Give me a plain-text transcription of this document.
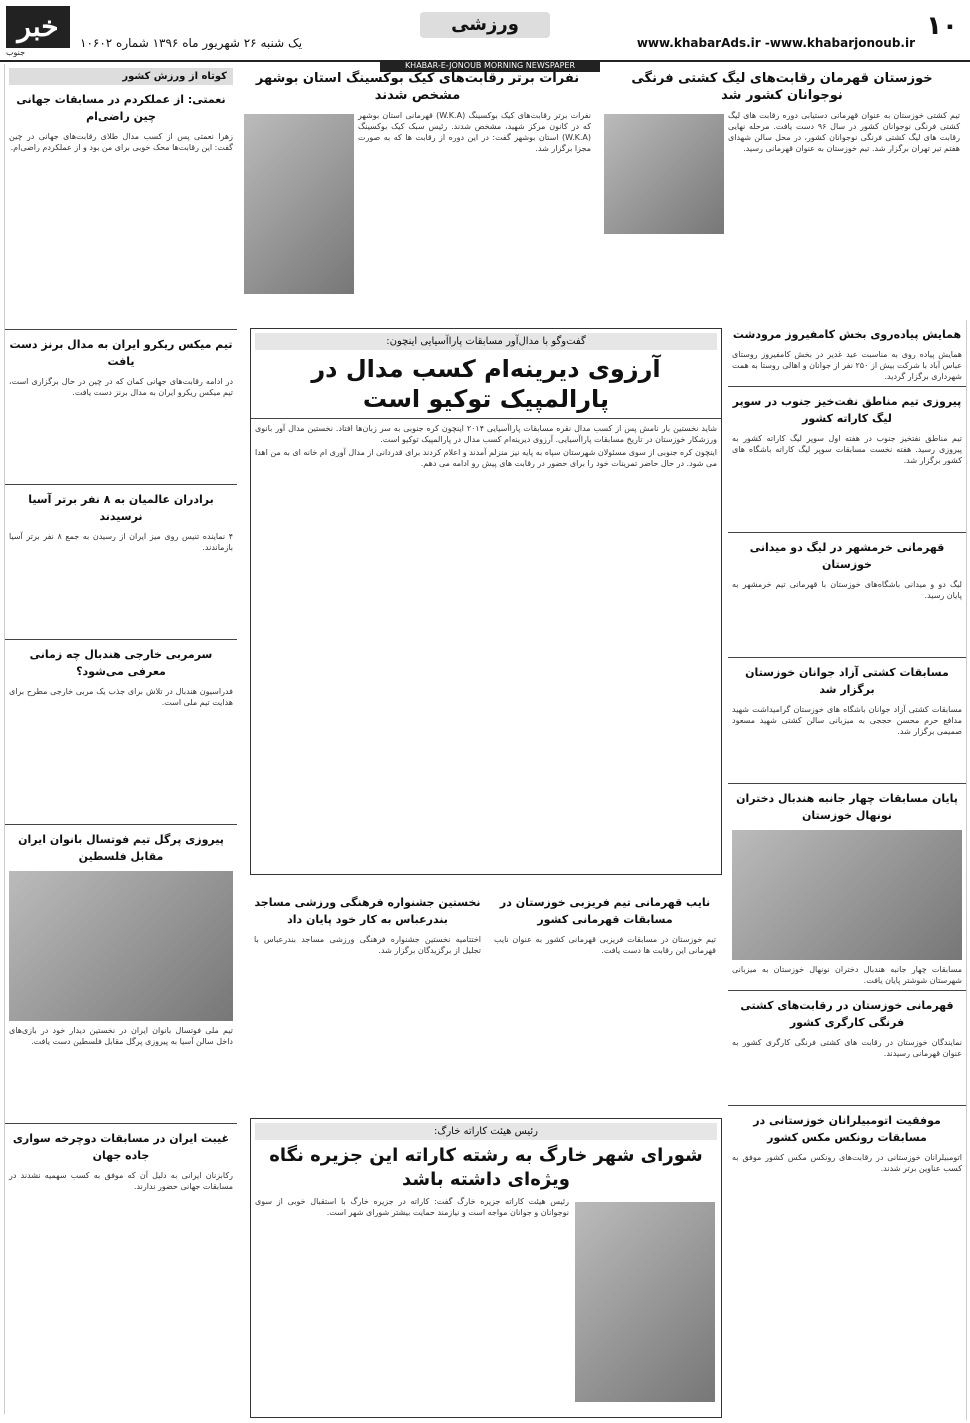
خبر
جنوب
یک شنبه ۲۶ شهریور ماه ۱۳۹۶ شماره ۱۰۶۰۲
ورزشی
www.khabarAds.ir -www.khabarjonoub.ir
۱۰
KHABAR-E-JONOUB MORNING NEWSPAPER
خوزستان قهرمان رقابت‌های لیگ کشتی فرنگی نوجوانان کشور شد

تیم کشتی خوزستان به عنوان قهرمانی دستیابی دوره رقابت های لیگ کشتی فرنگی نوجوانان کشور در سال ۹۶ دست یافت. مرحله نهایی رقابت های لیگ کشتی فرنگی نوجوانان کشور، در محل سالن شهدای هفتم تیر تهران برگزار شد. تیم خوزستان به عنوان قهرمانی رسید.

نفرات برتر رقابت‌های کیک بوکسینگ استان بوشهر مشخص شدند

نفرات برتر رقابت‌های کیک بوکسینگ (W.K.A) قهرمانی استان بوشهر که در کانون مرکز شهید، مشخص شدند. رئیس سبک کیک بوکسینگ (W.K.A) استان بوشهر گفت: در این دوره از رقابت ها که به صورت مجزا برگزار شد.

کوتاه از ورزش کشور
نعمتی: از عملکردم در مسابقات جهانی چین راضی‌ام

زهرا نعمتی پس از کسب مدال طلای رقابت‌های جهانی در چین گفت: این رقابت‌ها محک خوبی برای من بود و از عملکردم راضی‌ام.

تیم میکس ریکرو ایران به مدال برنز دست یافت

در ادامه رقابت‌های جهانی کمان که در چین در حال برگزاری است، تیم میکس ریکرو ایران به مدال برنز دست یافت.

برادران عالمیان به ۸ نفر برتر آسیا نرسیدند

۴ نماینده تنیس روی میز ایران از رسیدن به جمع ۸ نفر برتر آسیا بازماندند.

سرمربی خارجی هندبال چه زمانی معرفی می‌شود؟

فدراسیون هندبال در تلاش برای جذب یک مربی خارجی مطرح برای هدایت تیم ملی است.

پیروزی پرگل تیم فوتسال بانوان ایران مقابل فلسطین

تیم ملی فوتسال بانوان ایران در نخستین دیدار خود در بازی‌های داخل سالن آسیا به پیروزی پرگل مقابل فلسطین دست یافت.

غیبت ایران در مسابقات دوچرخه سواری جاده جهان

رکابزنان ایرانی به دلیل آن که موفق به کسب سهمیه نشدند در مسابقات جهانی حضور ندارند.

گفت‌وگو با مدال‌آور مسابقات پاراآسیایی اینچون:
آرزوی دیرینه‌ام کسب مدال در پارالمپیک توکیو است

شاید نخستین بار نامش پس از کسب مدال نقره مسابقات پاراآسیایی ۲۰۱۴ اینچون کره جنوبی به سر زبان‌ها افتاد. نخستین مدال آور بانوی ورزشکار خوزستان در تاریخ مسابقات پاراآسیایی. آرزوی دیرینه‌ام کسب مدال در پارالمپیک توکیو است.

اینچون کره جنوبی از سوی مسئولان شهرستان سپاه به پایه نیز منزلم آمدند و اعلام کردند برای قدردانی از مدال آوری ام خانه ای به من اهدا می شود. در حال حاضر تمرینات خود را برای حضور در رقابت های پیش رو ادامه می دهم.

همایش پیاده‌روی بخش کامفیروز مرودشت

همایش پیاده روی به مناسبت عید غدیر در بخش کامفیروز روستای عباس آباد با شرکت بیش از ۲۵۰ نفر از جوانان و اهالی روستا به همت شهرداری برگزار گردید.

پیروزی تیم مناطق نفت‌خیز جنوب در سوپر لیگ کاراته کشور

تیم مناطق نفتخیز جنوب در هفته اول سوپر لیگ کاراته کشور به پیروزی رسید. هفته نخست مسابقات سوپر لیگ کاراته باشگاه های کشور برگزار شد.

قهرمانی خرمشهر در لیگ دو میدانی خوزستان

لیگ دو و میدانی باشگاه‌های خوزستان با قهرمانی تیم خرمشهر به پایان رسید.

مسابقات کشتی آزاد جوانان خوزستان برگزار شد

مسابقات کشتی آزاد جوانان باشگاه های خوزستان گرامیداشت شهید مدافع حرم محسن حججی به میزبانی سالن کشتی شهید مسعود صمیمی برگزار شد.

پایان مسابقات چهار جانبه هندبال دختران نونهال خوزستان

مسابقات چهار جانبه هندبال دختران نونهال خوزستان به میزبانی شهرستان شوشتر پایان یافت.

قهرمانی خوزستان در رقابت‌های کشتی فرنگی کارگری کشور

نمایندگان خوزستان در رقابت های کشتی فرنگی کارگری کشور به عنوان قهرمانی رسیدند.

موفقیت اتومبیلرانان خوزستانی در مسابقات رونکس مکس کشور

اتومبیلرانان خوزستانی در رقابت‌های رونکس مکس کشور موفق به کسب عناوین برتر شدند.

نایب قهرمانی تیم فریزبی خوزستان در مسابقات قهرمانی کشور

تیم خوزستان در مسابقات فریزبی قهرمانی کشور به عنوان نایب قهرمانی این رقابت ها دست یافت.

نخستین جشنواره فرهنگی ورزشی مساجد بندرعباس به کار خود پایان داد

اختتامیه نخستین جشنواره فرهنگی ورزشی مساجد بندرعباس با تجلیل از برگزیدگان برگزار شد.

رئیس هیئت کاراته خارگ:
شورای شهر خارگ به رشته کاراته این جزیره نگاه ویژه‌ای داشته باشد

رئیس هیئت کاراته جزیره خارگ گفت: کاراته در جزیره خارگ با استقبال خوبی از سوی نوجوانان و جوانان مواجه است و نیازمند حمایت بیشتر شورای شهر است.
